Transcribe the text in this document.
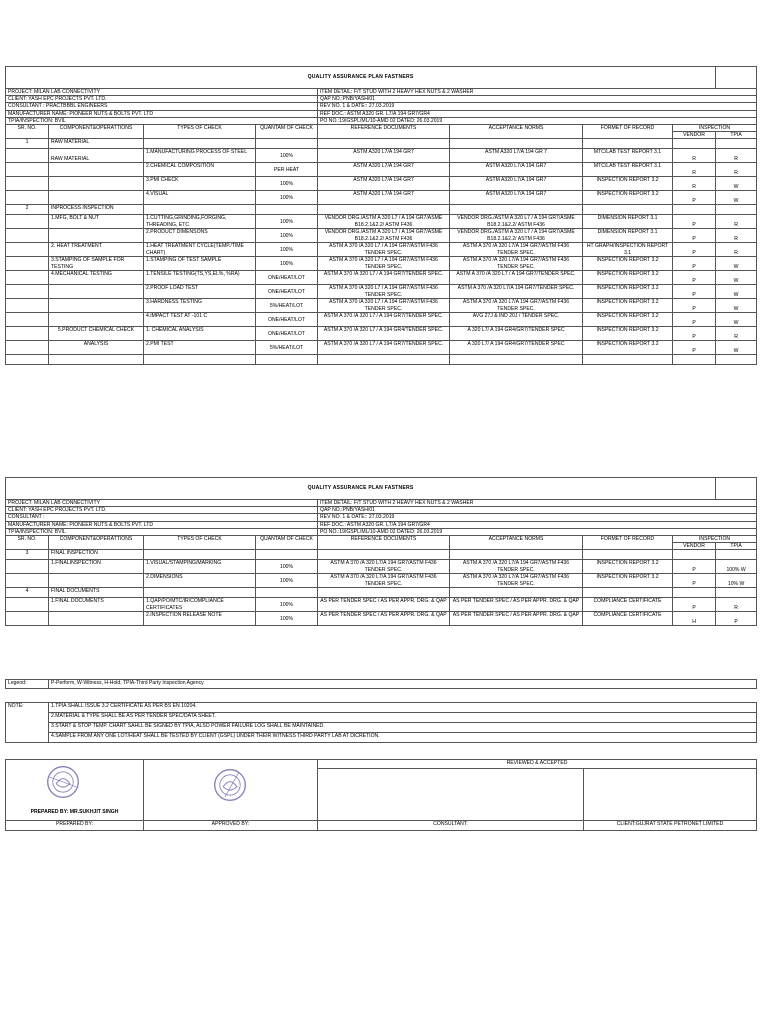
QUALITY ASSURANCE PLAN FASTNERS								
PROJECT: MILAN LAB CONNECTIVITY				ITEM DETAIL: F/T STUD WITH 2 HEAVY HEX NUTS & 2 WASHER				
CLIENT: YASH EPC PROJECTS PVT. LTD.				QAP NO.:PNB/YASH/01				
CONSULTANT : PRACTBBBL ENGINEERS				REV NO. 1 & DATE:: 27.03.2019				
MANUFACTURER NAME: PIONEER NUTS & BOLTS PVT. LTD				REF DOC.: ASTM A320 GR. L7/A 194 GR7/GR4				
TPIA/INSPECTION: BVIL				PO NO.:19/GSPL/ML/10-AMD 02 DATED: 26.03.2019				
SR. NO.	COMPONENT&OPERATTIONS	TYPES OF CHECK	QUANTAM OF CHECK	REFERENCE DOCUMENTS	ACCEPTANCE NORMS	FORMET OF RECORD	INSPECTION	
							VENDOR	TPIA
1	RAW MATERIAL							
	RAW MATERIAL	1.MANUFACTURING PROCESS OF STEEL	100%	ASTM A320 L7/A 194 GR7	ASTM A320 L7/A 194 GR 7	MTC/LAB TEST REPORT 3.1	R	R
		2.CHEMICAL COMPOSITION	PER HEAT	ASTM A320 L7/A 194 GR7	ASTM A320 L7/A 194 GR7	MTC/LAB TEST REPORT 3.1	R	R
		3.PMI CHECK	100%	ASTM A320 L7/A 194 GR7	ASTM A320 L7/A 194 GR7	INSPECTION REPORT 3.2	R	W
		4.VISUAL	100%	ASTM A320 L7/A 194 GR7	ASTM A320 L7/A 194 GR7	INSPECTION REPORT 3.2	P	W
2	INPROCESS INSPECTION							
	1.MFG, BOLT & NUT	1.CUTTING,GRINDING,FORGING, THREADING, ETC	100%	VENDOR DRG./ASTM A 320 L7 / A 194 GR7/ASME B18.2.1&2.2/ ASTM F436	VENDOR DRG./ASTM A 320 L7 / A 194 GR7/ASME B18.2.1&2.2/ ASTM F436	DIMENSION REPORT 3.1	P	R
		2.PRODUCT DIMENSONS	100%	VENDOR DRG./ASTM A 320 L7 / A 194 GR7/ASME B18.2.1&2.2/ ASTM F436	VENDOR DRG./ASTM A 320 L7 / A 194 GR7/ASME B18.2.1&2.2/ ASTM F436	DIMENSION REPORT 3.1	P	R
	2. HEAT TREATMENT	1.HEAT TREATMENT CYCLE(TEMP./TIME CHART)	100%	ASTM A 370 /A 320 L7 / A 194 GR7/ASTM F436 TENDER SPEC.	ASTM A 370 /A 320 L7/A 194 GR7/ASTM F436 TENDER SPEC.	HT GRAPH/INSPECTION REPORT 3.1	P	R
	3.STAMPING OF SAMPLE FOR TESTING	1.STAMPING OF TEST SAMPLE	100%	ASTM A 370 /A 320 L7 / A 194 GR7/ASTM F436 TENDER SPEC.	ASTM A 370 /A 320 L7/A 194 GR7/ASTM F436 TENDER SPEC.	INSPECTION REPORT 3.2	P	W
	4.MECHANICAL TESTING	1.TENSILE TESTING(TS,YS,EL%, %RA)	ONE/HEAT/LOT	ASTM A 370 /A 320 L7 / A 194 GR7/TENDER SPEC.	ASTM A 370 /A 320 L7 / A 194 GR7/TENDER SPEC.	INSPECTION REPORT 3.2	P	W
		2.PROOF LOAD TEST	ONE/HEAT/LOT	ASTM A 370 /A 320 L7 / A 194 GR7/ASTM F436 TENDER SPEC.	ASTM A 370 /A 320 L7/A 194 GR7/TENDER SPEC.	INSPECTION REPORT 3.2	P	W
		3.HARDNESS TESTING	5%/HEAT/LOT	ASTM A 370 /A 320 L7 / A 194 GR7/ASTM F436 TENDER SPEC.	ASTM A 370 /A 320 L7/A 194 GR7/ASTM F436 TENDER SPEC.	INSPECTION REPORT 3.2	P	W
		4.IMPACT TEST AT -101 C	ONE/HEAT/LOT	ASTM A 370 /A 320 L7 / A 194 GR7/TENDER SPEC.	AVG 27J & IND 20J / TENDER SPEC.	INSPECTION REPORT 3.2	P	W
	5.PRODUCT CHEMICAL CHECK	1. CHEMICAL ANALYSIS	ONE/HEAT/LOT	ASTM A 370 /A 320 L7 / A 194 GR4/TENDER SPEC.	A 320 L7/ A 194 GR4/GR7/TENDER SPEC	INSPECTION REPORT 3.2	P	R
	ANALYSIS	2.PMI TEST	5%/HEAT/LOT	ASTM A 370 /A 320 L7 / A 194 GR7/TENDER SPEC.	A 320 L7/ A 194 GR4/GR7/TENDER SPEC	INSPECTION REPORT 3.2	P	W

QUALITY ASSURANCE PLAN FASTNERS								
PROJECT: MILAN LAB CONNECTIVITY				ITEM DETAIL: F/T STUD WITH 2 HEAVY HEX NUTS & 2 WASHER				
CLIENT: YASH EPC PROJECTS PVT. LTD.				QAP NO.:PNB/YASH/01				
CONSULTANT :				REV NO. 1 & DATE:: 27.03.2019				
MANUFACTURER NAME: PIONEER NUTS & BOLTS PVT. LTD				REF DOC.: ASTM A320 GR. L7/A 194 GR7/GR4				
TPIA/INSPECTION: BVIL				PO NO.:19/GSPL/ML/10-AMD 02 DATED: 26.03.2019				
SR. NO.	COMPONENT&OPERATTIONS	TYPES OF CHECK	QUANTAM OF CHECK	REFERENCE DOCUMENTS	ACCEPTANCE NORMS	FORMET OF RECORD	INSPECTION	
							VENDOR	TPIA
3	FINAL INSPECTION							
	1.FINALINSPECTION	1.VISUAL/STAMPING/MARKING	100%	ASTM A 370 /A 320 L7/A 194 GR7/ASTM F436 TENDER SPEC.	ASTM A 370 /A 320 L7/A 194 GR7/ASTM F436 TENDER SPEC.	INSPECTION REPORT 3.2	P	100% W
		2.DIMENSIONS	100%	ASTM A 370 /A 320 L7/A 194 GR7/ASTM F436 TENDER SPEC.	ASTM A 370 /A 320 L7/A 194 GR7/ASTM F436 TENDER SPEC.	INSPECTION REPORT 3.2	P	10% W
4	FINAL DOCUMENTS							
	1.FINAL DOCUMENTS	1.QAP/PO/MTC/IR/COMPLIANCE CERTIFICATES	100%	AS PER TENDER SPEC / AS PER APPR. DRG. & QAP	AS PER TENDER SPEC / AS PER APPR. DRG. & QAP	COMPLIANCE CERTIFICATE	P	R
		2.INSPECTION RELEASE NOTE	100%	AS PER TENDER SPEC / AS PER APPR. DRG. & QAP	AS PER TENDER SPEC / AS PER APPR. DRG. & QAP	COMPLIANCE CERTIFICATE	H	P
Legend:	P-Perform, W-Witness, H-Hold, TPIA-Third Party Inspection Agency
NOTE:	1.TPIA SHALL ISSUE 3.2 CERTIFICATE AS PER BS EN 10204.
2.MATERIAL & TYPE SHALL BE AS PER TENDER SPEC/DATA SHEET.
3.START & STOP TEMP. CHART SAHLL BE SIGNED BY TPIA, ALSO POWER FAILURE LOG SHALL BE MAINTAINED.
4.SAMPLE FROM ANY ONE LOT/HEAT SHALL BE TESTED BY CLIENT (GSPL) UNDER THEIR WITNESS THIRD PARTY LAB AT DICRETION.
PREPARED BY: MR.SUKHJIT SINGH		REVIEWED & ACCEPTED	

PREPARED BY:	APPROVED BY:	CONSULTANT:	CLIENT:GUJRAT STATE PETRONET LIMITED
